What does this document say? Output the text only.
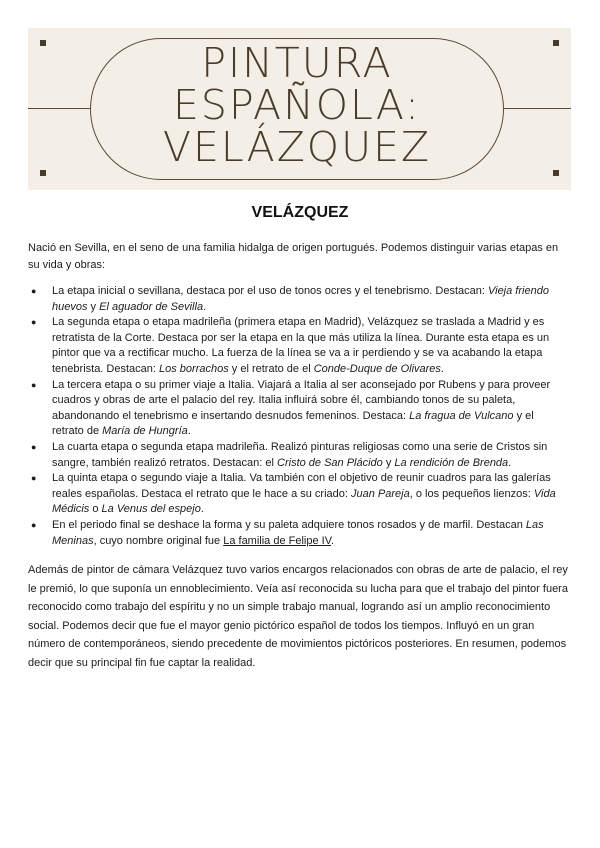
PINTURA
ESPAÑOLA:
VELÁZQUEZ
VELÁZQUEZ

Nació en Sevilla, en el seno de una familia hidalga de origen portugués. Podemos distinguir varias etapas en su vida y obras:

● La etapa inicial o sevillana, destaca por el uso de tonos ocres y el tenebrismo. Destacan: Vieja friendo huevos y El aguador de Sevilla.
● La segunda etapa o etapa madrileña (primera etapa en Madrid), Velázquez se traslada a Madrid y es retratista de la Corte. Destaca por ser la etapa en la que más utiliza la línea. Durante esta etapa es un pintor que va a rectificar mucho. La fuerza de la línea se va a ir perdiendo y se va acabando la etapa tenebrista. Destacan: Los borrachos y el retrato de el Conde-Duque de Olivares.
● La tercera etapa o su primer viaje a Italia. Viajará a Italia al ser aconsejado por Rubens y para proveer cuadros y obras de arte el palacio del rey. Italia influirá sobre él, cambiando tonos de su paleta, abandonando el tenebrismo e insertando desnudos femeninos. Destaca: La fragua de Vulcano y el retrato de María de Hungría.
● La cuarta etapa o segunda etapa madrileña. Realizó pinturas religiosas como una serie de Cristos sin sangre, también realizó retratos. Destacan: el Cristo de San Plácido y La rendición de Brenda.
● La quinta etapa o segundo viaje a Italia. Va también con el objetivo de reunir cuadros para las galerías reales españolas. Destaca el retrato que le hace a su criado: Juan Pareja, o los pequeños lienzos: Vida Médicis o La Venus del espejo.
● En el periodo final se deshace la forma y su paleta adquiere tonos rosados y de marfil. Destacan Las Meninas, cuyo nombre original fue La familia de Felipe IV.

Además de pintor de cámara Velázquez tuvo varios encargos relacionados con obras de arte de palacio, el rey le premió, lo que suponía un ennoblecimiento. Veía así reconocida su lucha para que el trabajo del pintor fuera reconocido como trabajo del espíritu y no un simple trabajo manual, logrando así un amplio reconocimiento social. Podemos decir que fue el mayor genio pictórico español de todos los tiempos. Influyó en un gran número de contemporáneos, siendo precedente de movimientos pictóricos posteriores. En resumen, podemos decir que su principal fin fue captar la realidad.
